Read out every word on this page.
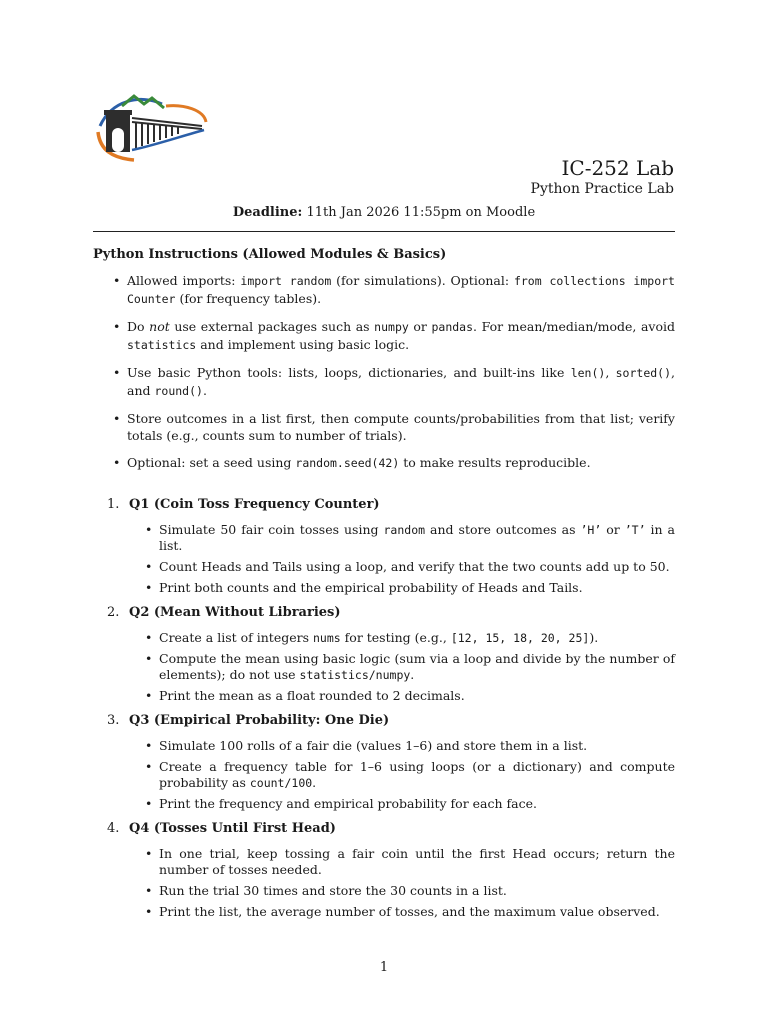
IC-252 Lab
Python Practice Lab
Deadline: 11th Jan 2026 11:55pm on Moodle
Python Instructions (Allowed Modules & Basics)
• Allowed imports: import random (for simulations). Optional: from collections import Counter (for frequency tables).
• Do not use external packages such as numpy or pandas. For mean/median/mode, avoid statistics and implement using basic logic.
• Use basic Python tools: lists, loops, dictionaries, and built-ins like len(), sorted(), and round().
• Store outcomes in a list first, then compute counts/probabilities from that list; verify totals (e.g., counts sum to number of trials).
• Optional: set a seed using random.seed(42) to make results reproducible.
1. Q1 (Coin Toss Frequency Counter)
• Simulate 50 fair coin tosses using random and store outcomes as ’H’ or ’T’ in a list.
• Count Heads and Tails using a loop, and verify that the two counts add up to 50.
• Print both counts and the empirical probability of Heads and Tails.
2. Q2 (Mean Without Libraries)
• Create a list of integers nums for testing (e.g., [12, 15, 18, 20, 25]).
• Compute the mean using basic logic (sum via a loop and divide by the number of elements); do not use statistics/numpy.
• Print the mean as a float rounded to 2 decimals.
3. Q3 (Empirical Probability: One Die)
• Simulate 100 rolls of a fair die (values 1–6) and store them in a list.
• Create a frequency table for 1–6 using loops (or a dictionary) and compute probability as count/100.
• Print the frequency and empirical probability for each face.
4. Q4 (Tosses Until First Head)
• In one trial, keep tossing a fair coin until the first Head occurs; return the number of tosses needed.
• Run the trial 30 times and store the 30 counts in a list.
• Print the list, the average number of tosses, and the maximum value observed.
1
